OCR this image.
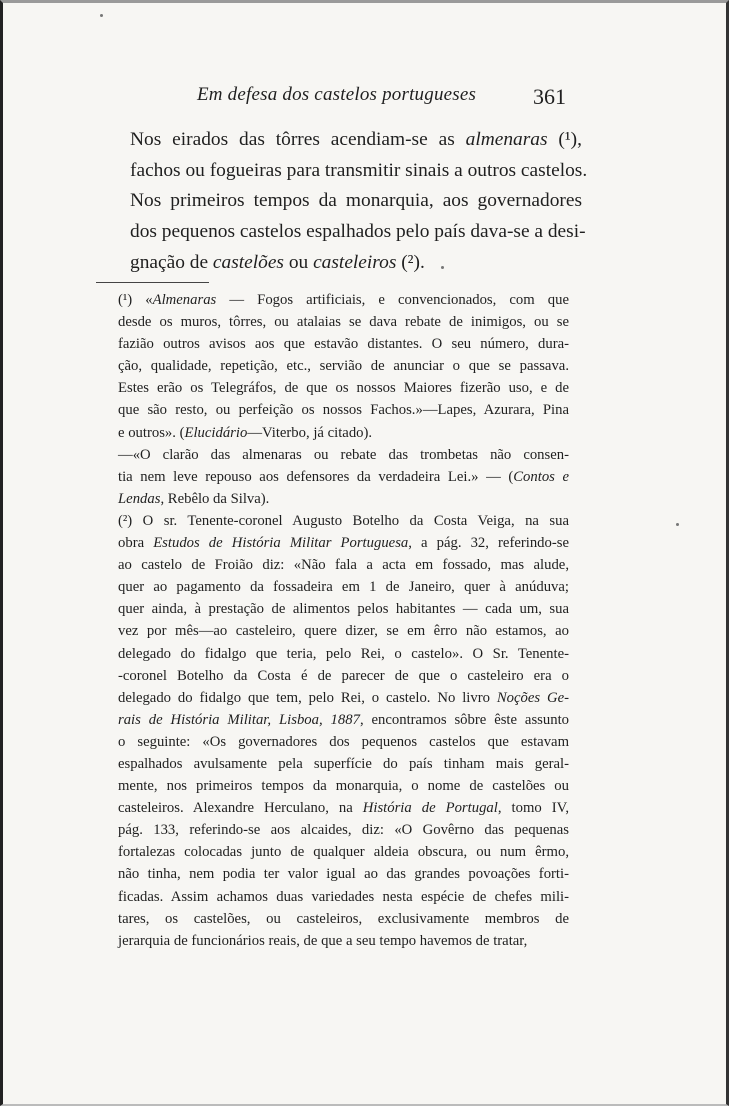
Em defesa dos castelos portugueses	361

Nos eirados das tôrres acendiam-se as almenaras (¹),
fachos ou fogueiras para transmitir sinais a outros castelos.

Nos primeiros tempos da monarquia, aos governadores
dos pequenos castelos espalhados pelo país dava-se a desi-
gnação de castelões ou casteleiros (²).

(¹) «Almenaras — Fogos artificiais, e convencionados, com que
desde os muros, tôrres, ou atalaias se dava rebate de inimigos, ou se
fazião outros avisos aos que estavão distantes. O seu número, dura-
ção, qualidade, repetição, etc., servião de anunciar o que se passava.
Estes erão os Telegráfos, de que os nossos Maiores fizerão uso, e de
que são resto, ou perfeição os nossos Fachos.»—Lapes, Azurara, Pina
e outros». (Elucidário—Viterbo, já citado).

—«O clarão das almenaras ou rebate das trombetas não consen-
tia nem leve repouso aos defensores da verdadeira Lei.» — (Contos e
Lendas, Rebêlo da Silva).

(²) O sr. Tenente-coronel Augusto Botelho da Costa Veiga, na sua
obra Estudos de História Militar Portuguesa, a pág. 32, referindo-se
ao castelo de Froião diz: «Não fala a acta em fossado, mas alude,
quer ao pagamento da fossadeira em 1 de Janeiro, quer à anúduva;
quer ainda, à prestação de alimentos pelos habitantes — cada um, sua
vez por mês—ao casteleiro, quere dizer, se em êrro não estamos, ao
delegado do fidalgo que teria, pelo Rei, o castelo». O Sr. Tenente-
-coronel Botelho da Costa é de parecer de que o casteleiro era o
delegado do fidalgo que tem, pelo Rei, o castelo. No livro Noções Ge-
rais de História Militar, Lisboa, 1887, encontramos sôbre êste assunto
o seguinte: «Os governadores dos pequenos castelos que estavam
espalhados avulsamente pela superfície do país tinham mais geral-
mente, nos primeiros tempos da monarquia, o nome de castelões ou
casteleiros. Alexandre Herculano, na História de Portugal, tomo IV,
pág. 133, referindo-se aos alcaides, diz: «O Govêrno das pequenas
fortalezas colocadas junto de qualquer aldeia obscura, ou num êrmo,
não tinha, nem podia ter valor igual ao das grandes povoações forti-
ficadas. Assim achamos duas variedades nesta espécie de chefes mili-
tares, os castelões, ou casteleiros, exclusivamente membros de
jerarquia de funcionários reais, de que a seu tempo havemos de tratar,
